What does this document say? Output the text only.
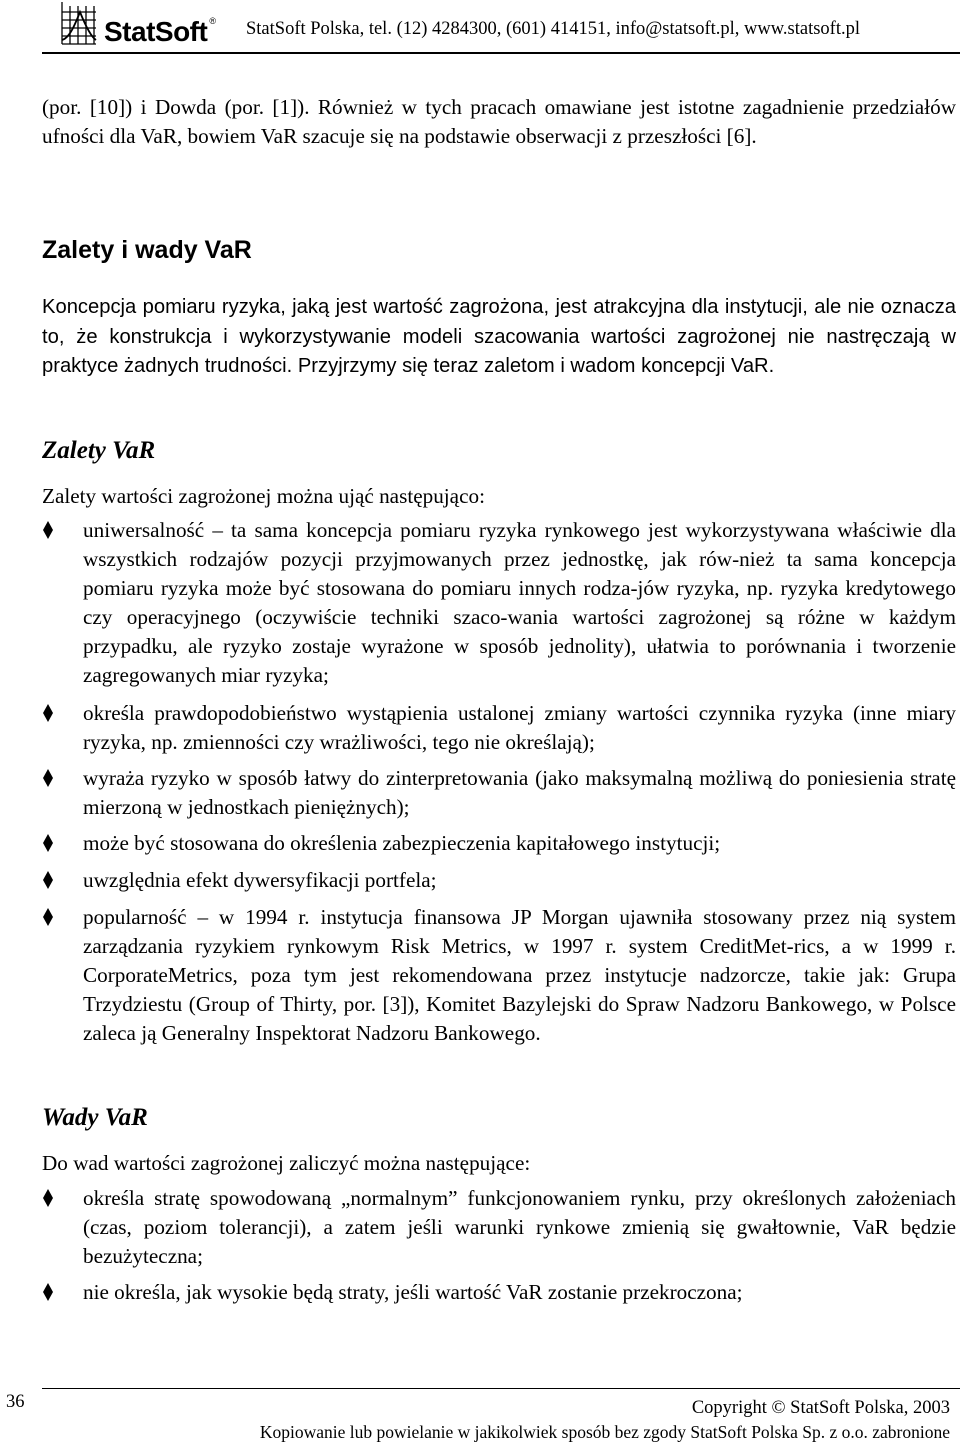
StatSoft ® StatSoft Polska, tel. (12) 4284300, (601) 414151, info@statsoft.pl, www.statsoft.pl
(por. [10]) i Dowda (por. [1]). Również w tych pracach omawiane jest istotne zagadnienie przedziałów ufności dla VaR, bowiem VaR szacuje się na podstawie obserwacji z przeszłości [6].
Zalety i wady VaR
Koncepcja pomiaru ryzyka, jaką jest wartość zagrożona, jest atrakcyjna dla instytucji, ale nie oznacza to, że konstrukcja i wykorzystywanie modeli szacowania wartości zagrożonej nie nastręczają w praktyce żadnych trudności. Przyjrzymy się teraz zaletom i wadom koncepcji VaR.
Zalety VaR
Zalety wartości zagrożonej można ująć następująco:
uniwersalność – ta sama koncepcja pomiaru ryzyka rynkowego jest wykorzystywana właściwie dla wszystkich rodzajów pozycji przyjmowanych przez jednostkę, jak rów-nież ta sama koncepcja pomiaru ryzyka może być stosowana do pomiaru innych rodza-jów ryzyka, np. ryzyka kredytowego czy operacyjnego (oczywiście techniki szaco-wania wartości zagrożonej są różne w każdym przypadku, ale ryzyko zostaje wyrażone w sposób jednolity), ułatwia to porównania i tworzenie zagregowanych miar ryzyka;
określa prawdopodobieństwo wystąpienia ustalonej zmiany wartości czynnika ryzyka (inne miary ryzyka, np. zmienności czy wrażliwości, tego nie określają);
wyraża ryzyko w sposób łatwy do zinterpretowania (jako maksymalną możliwą do poniesienia stratę mierzoną w jednostkach pieniężnych);
może być stosowana do określenia zabezpieczenia kapitałowego instytucji;
uwzględnia efekt dywersyfikacji portfela;
popularność – w 1994 r. instytucja finansowa JP Morgan ujawniła stosowany przez nią system zarządzania ryzykiem rynkowym Risk Metrics, w 1997 r. system CreditMet-rics, a w 1999 r. CorporateMetrics, poza tym jest rekomendowana przez instytucje nadzorcze, takie jak: Grupa Trzydziestu (Group of Thirty, por. [3]), Komitet Bazylejski do Spraw Nadzoru Bankowego, w Polsce zaleca ją Generalny Inspektorat Nadzoru Bankowego.
Wady VaR
Do wad wartości zagrożonej zaliczyć można następujące:
określa stratę spowodowaną „normalnym” funkcjonowaniem rynku, przy określonych założeniach (czas, poziom tolerancji), a zatem jeśli warunki rynkowe zmienią się gwałtownie, VaR będzie bezużyteczna;
nie określa, jak wysokie będą straty, jeśli wartość VaR zostanie przekroczona;
36	Copyright © StatSoft Polska, 2003
Kopiowanie lub powielanie w jakikolwiek sposób bez zgody StatSoft Polska Sp. z o.o. zabronione
